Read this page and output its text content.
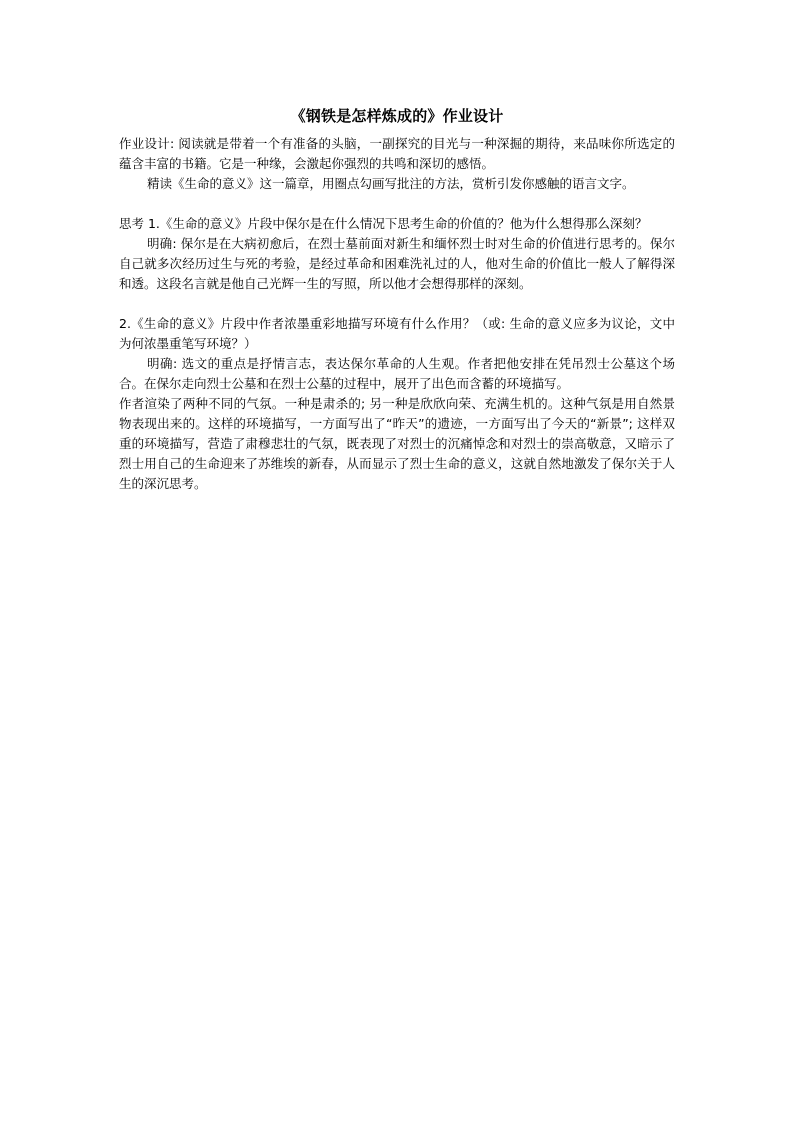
《钢铁是怎样炼成的》作业设计

作业设计: 阅读就是带着一个有准备的头脑，一副探究的目光与一种深掘的期待，来品味你所选定的蕴含丰富的书籍。它是一种缘，会激起你强烈的共鸣和深切的感悟。

精读《生命的意义》这一篇章，用圈点勾画写批注的方法，赏析引发你感触的语言文字。

思考 1.《生命的意义》片段中保尔是在什么情况下思考生命的价值的？他为什么想得那么深刻？

明确: 保尔是在大病初愈后，在烈士墓前面对新生和缅怀烈士时对生命的价值进行思考的。保尔自己就多次经历过生与死的考验，是经过革命和困难洗礼过的人，他对生命的价值比一般人了解得深和透。这段名言就是他自己光辉一生的写照，所以他才会想得那样的深刻。

2.《生命的意义》片段中作者浓墨重彩地描写环境有什么作用？（或: 生命的意义应多为议论，文中为何浓墨重笔写环境？）

明确: 选文的重点是抒情言志，表达保尔革命的人生观。作者把他安排在凭吊烈士公墓这个场合。在保尔走向烈士公墓和在烈士公墓的过程中，展开了出色而含蓄的环境描写。

作者渲染了两种不同的气氛。一种是肃杀的; 另一种是欣欣向荣、充满生机的。这种气氛是用自然景物表现出来的。这样的环境描写，一方面写出了“昨天”的遗迹，一方面写出了今天的“新景”; 这样双重的环境描写，营造了肃穆悲壮的气氛，既表现了对烈士的沉痛悼念和对烈士的崇高敬意，又暗示了烈士用自己的生命迎来了苏维埃的新春，从而显示了烈士生命的意义，这就自然地激发了保尔关于人生的深沉思考。
